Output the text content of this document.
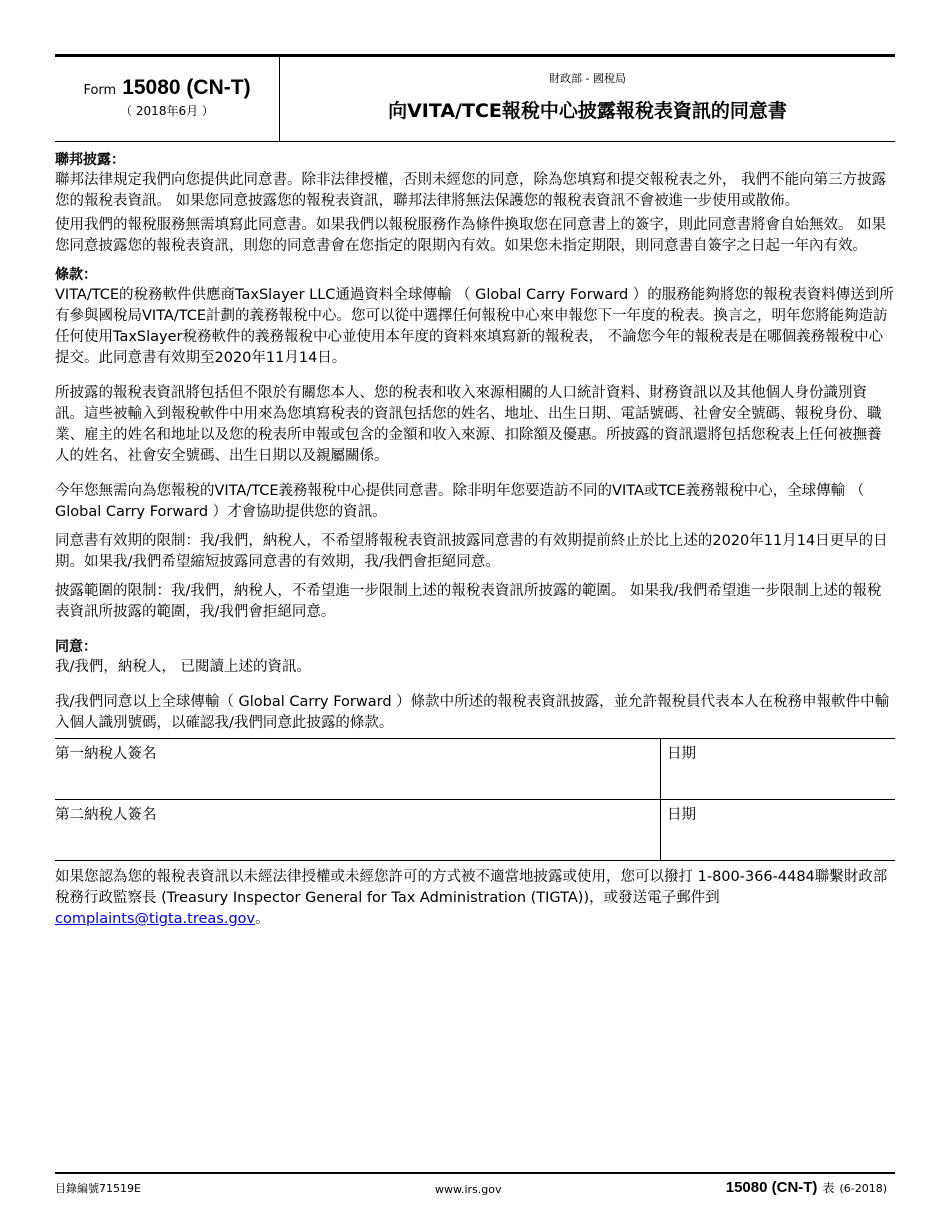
Form 15080 (CN-T)
（ 2018年6月 ）
財政部 - 國稅局
向VITA/TCE報稅中心披露報稅表資訊的同意書
聯邦披露：

聯邦法律規定我們向您提供此同意書。除非法律授權，否則未經您的同意，除為您填寫和提交報稅表之外， 我們不能向第三方披露您的報稅表資訊。 如果您同意披露您的報稅表資訊，聯邦法律將無法保護您的報稅表資訊不會被進一步使用或散佈。

使用我們的報稅服務無需填寫此同意書。如果我們以報稅服務作為條件換取您在同意書上的簽字，則此同意書將會自始無效。 如果您同意披露您的報稅表資訊，則您的同意書會在您指定的限期內有效。如果您未指定期限，則同意書自簽字之日起一年內有效。

條款：

VITA/TCE的稅務軟件供應商TaxSlayer LLC通過資料全球傳輸 （ Global Carry Forward ）的服務能夠將您的報稅表資料傳送到所有參與國稅局VITA/TCE計劃的義務報稅中心。您可以從中選擇任何報稅中心來申報您下一年度的稅表。換言之，明年您將能夠造訪任何使用TaxSlayer稅務軟件的義務報稅中心並使用本年度的資料來填寫新的報稅表， 不論您今年的報稅表是在哪個義務報稅中心提交。此同意書有效期至2020年11月14日。

所披露的報稅表資訊將包括但不限於有關您本人、您的稅表和收入來源相關的人口統計資料、財務資訊以及其他個人身份識別資訊。這些被輸入到報稅軟件中用來為您填寫稅表的資訊包括您的姓名、地址、出生日期、電話號碼、社會安全號碼、報稅身份、職業、雇主的姓名和地址以及您的稅表所申報或包含的金額和收入來源、扣除額及優惠。所披露的資訊還將包括您稅表上任何被撫養人的姓名、社會安全號碼、出生日期以及親屬關係。

今年您無需向為您報稅的VITA/TCE義務報稅中心提供同意書。除非明年您要造訪不同的VITA或TCE義務報稅中心，全球傳輸 （ Global Carry Forward ）才會協助提供您的資訊。

同意書有效期的限制：我/我們，納稅人，不希望將報稅表資訊披露同意書的有效期提前終止於比上述的2020年11月14日更早的日期。如果我/我們希望縮短披露同意書的有效期，我/我們會拒絕同意。

披露範圍的限制：我/我們，納稅人，不希望進一步限制上述的報稅表資訊所披露的範圍。 如果我/我們希望進一步限制上述的報稅表資訊所披露的範圍，我/我們會拒絕同意。

同意：

我/我們，納稅人， 已閱讀上述的資訊。

我/我們同意以上全球傳輸（ Global Carry Forward ）條款中所述的報稅表資訊披露，並允許報稅員代表本人在稅務申報軟件中輸入個人識別號碼，以確認我/我們同意此披露的條款。

第一納稅人簽名	日期
第二納稅人簽名	日期

如果您認為您的報稅表資訊以未經法律授權或未經您許可的方式被不適當地披露或使用，您可以撥打 1-800-366-4484聯繫財政部稅務行政監察長 (Treasury Inspector General for Tax Administration (TIGTA))，或發送電子郵件到 complaints@tigta.treas.gov。

目錄編號71519E	www.irs.gov	15080 (CN-T) 表 (6-2018)
